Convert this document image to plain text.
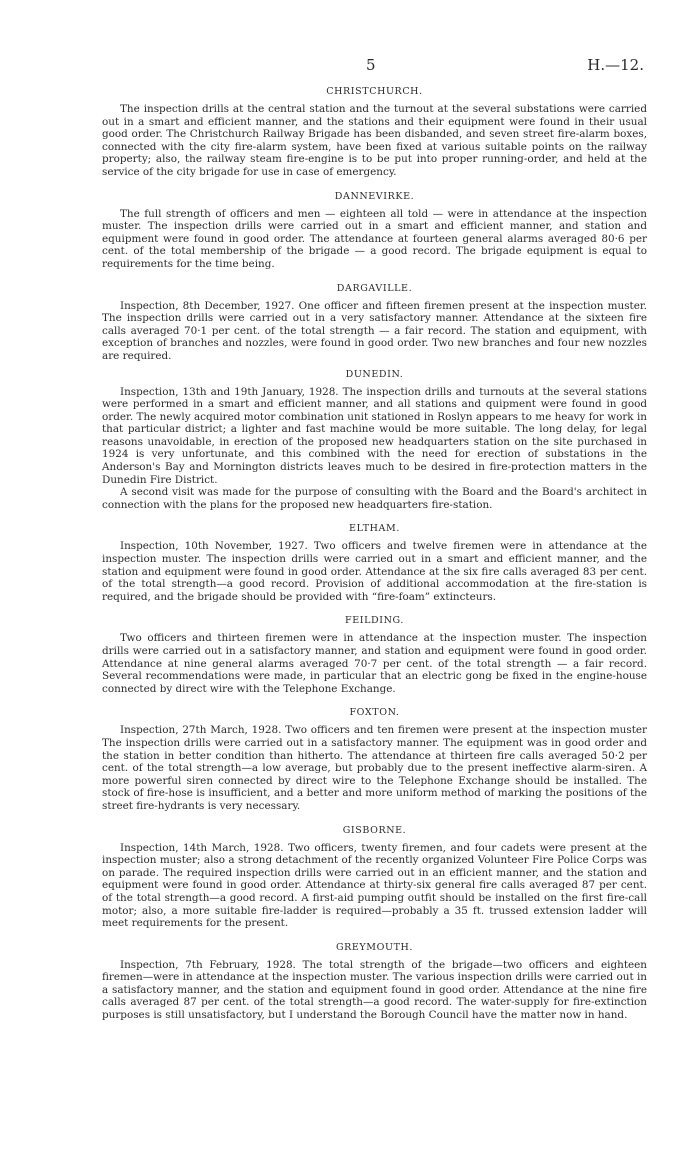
5	H.—12.
CHRISTCHURCH.

The inspection drills at the central station and the turnout at the several substations were carried out in a smart and efficient manner, and the stations and their equipment were found in their usual good order. The Christchurch Railway Brigade has been disbanded, and seven street fire-alarm boxes, connected with the city fire-alarm system, have been fixed at various suitable points on the railway property; also, the railway steam fire-engine is to be put into proper running-order, and held at the service of the city brigade for use in case of emergency.

DANNEVIRKE.

The full strength of officers and men — eighteen all told — were in attendance at the inspection muster. The inspection drills were carried out in a smart and efficient manner, and station and equipment were found in good order. The attendance at fourteen general alarms averaged 80·6 per cent. of the total membership of the brigade — a good record. The brigade equipment is equal to requirements for the time being.

DARGAVILLE.

Inspection, 8th December, 1927. One officer and fifteen firemen present at the inspection muster. The inspection drills were carried out in a very satisfactory manner. Attendance at the sixteen fire calls averaged 70·1 per cent. of the total strength — a fair record. The station and equipment, with exception of branches and nozzles, were found in good order. Two new branches and four new nozzles are required.

DUNEDIN.

Inspection, 13th and 19th January, 1928. The inspection drills and turnouts at the several stations were performed in a smart and efficient manner, and all stations and quipment were found in good order. The newly acquired motor combination unit stationed in Roslyn appears to me heavy for work in that particular district; a lighter and fast machine would be more suitable. The long delay, for legal reasons unavoidable, in erection of the proposed new headquarters station on the site purchased in 1924 is very unfortunate, and this combined with the need for erection of substations in the Anderson's Bay and Mornington districts leaves much to be desired in fire-protection matters in the Dunedin Fire District.

A second visit was made for the purpose of consulting with the Board and the Board's architect in connection with the plans for the proposed new headquarters fire-station.

ELTHAM.

Inspection, 10th November, 1927. Two officers and twelve firemen were in attendance at the inspection muster. The inspection drills were carried out in a smart and efficient manner, and the station and equipment were found in good order. Attendance at the six fire calls averaged 83 per cent. of the total strength—a good record. Provision of additional accommodation at the fire-station is required, and the brigade should be provided with “fire-foam” extincteurs.

FEILDING.

Two officers and thirteen firemen were in attendance at the inspection muster. The inspection drills were carried out in a satisfactory manner, and station and equipment were found in good order. Attendance at nine general alarms averaged 70·7 per cent. of the total strength — a fair record. Several recommendations were made, in particular that an electric gong be fixed in the engine-house connected by direct wire with the Telephone Exchange.

FOXTON.

Inspection, 27th March, 1928. Two officers and ten firemen were present at the inspection muster The inspection drills were carried out in a satisfactory manner. The equipment was in good order and the station in better condition than hitherto. The attendance at thirteen fire calls averaged 50·2 per cent. of the total strength—a low average, but probably due to the present ineffective alarm-siren. A more powerful siren connected by direct wire to the Telephone Exchange should be installed. The stock of fire-hose is insufficient, and a better and more uniform method of marking the positions of the street fire-hydrants is very necessary.

GISBORNE.

Inspection, 14th March, 1928. Two officers, twenty firemen, and four cadets were present at the inspection muster; also a strong detachment of the recently organized Volunteer Fire Police Corps was on parade. The required inspection drills were carried out in an efficient manner, and the station and equipment were found in good order. Attendance at thirty-six general fire calls averaged 87 per cent. of the total strength—a good record. A first-aid pumping outfit should be installed on the first fire-call motor; also, a more suitable fire-ladder is required—probably a 35 ft. trussed extension ladder will meet requirements for the present.

GREYMOUTH.

Inspection, 7th February, 1928. The total strength of the brigade—two officers and eighteen firemen—were in attendance at the inspection muster. The various inspection drills were carried out in a satisfactory manner, and the station and equipment found in good order. Attendance at the nine fire calls averaged 87 per cent. of the total strength—a good record. The water-supply for fire-extinction purposes is still unsatisfactory, but I understand the Borough Council have the matter now in hand.
